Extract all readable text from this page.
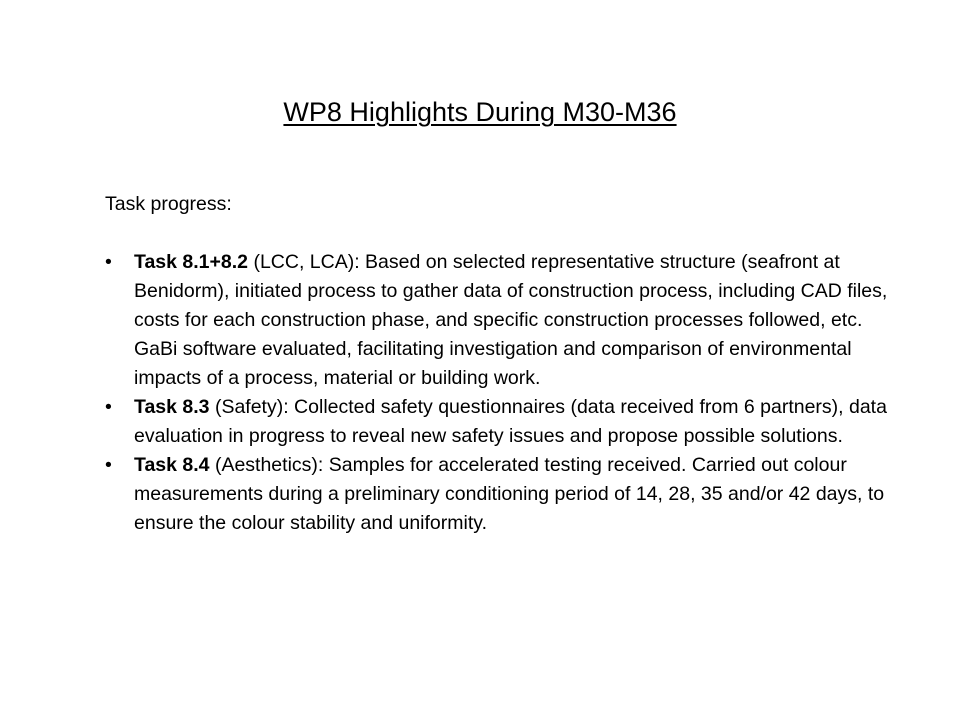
WP8 Highlights During M30-M36

Task progress:

•	Task 8.1+8.2 (LCC, LCA): Based on selected representative structure (seafront at Benidorm), initiated process to gather data of construction process, including CAD files, costs for each construction phase, and specific construction processes followed, etc. GaBi software evaluated, facilitating investigation and comparison of environmental impacts of a process, material or building work.
•	Task 8.3 (Safety): Collected safety questionnaires (data received from 6 partners), data evaluation in progress to reveal new safety issues and propose possible solutions.
•	Task 8.4 (Aesthetics): Samples for accelerated testing received. Carried out colour measurements during a preliminary conditioning period of 14, 28, 35 and/or 42 days, to ensure the colour stability and uniformity.
